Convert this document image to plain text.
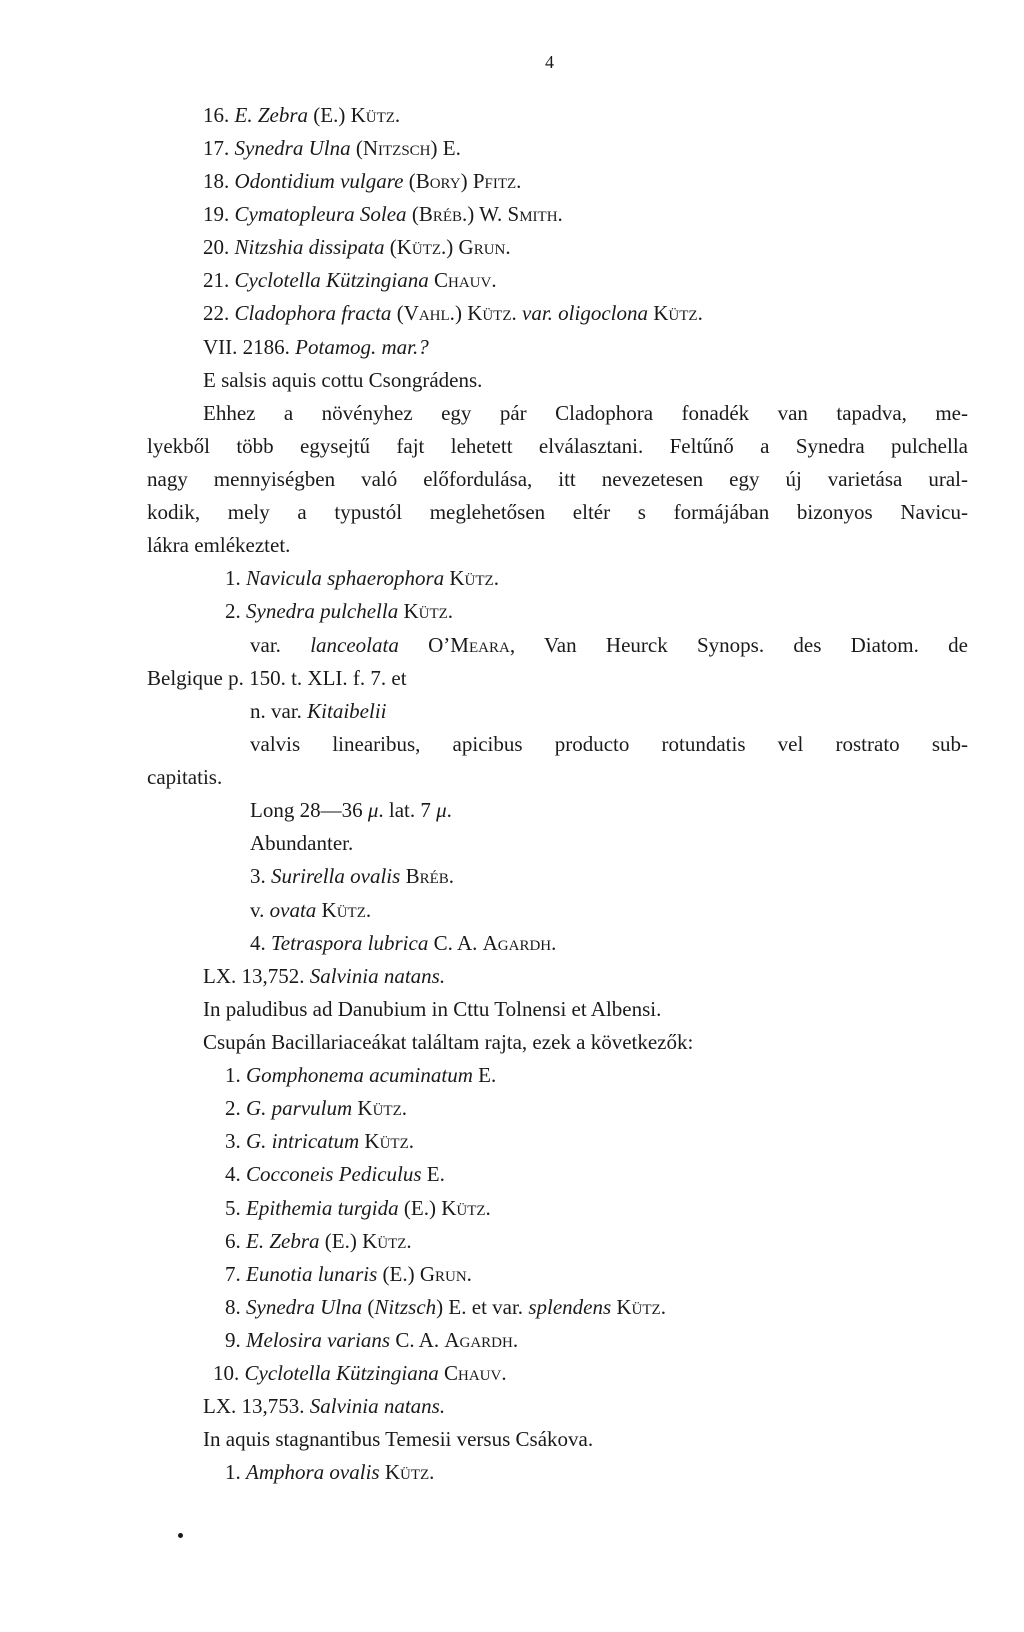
4
16. E. Zebra (E.) Kütz.
17. Synedra Ulna (Nitzsch) E.
18. Odontidium vulgare (Bory) Pfitz.
19. Cymatopleura Solea (Bréb.) W. Smith.
20. Nitzshia dissipata (Kütz.) Grun.
21. Cyclotella Kützingiana Chauv.
22. Cladophora fracta (Vahl.) Kütz. var. oligoclona Kütz.
VII. 2186. Potamog. mar.?
E salsis aquis cottu Csongrádens.
Ehhez a növényhez egy pár Cladophora fonadék van tapadva, me-
lyekből több egysejtű fajt lehetett elválasztani. Feltűnő a Synedra pulchella
nagy mennyiségben való előfordulása, itt nevezetesen egy új varietása ural-
kodik, mely a typustól meglehetősen eltér s formájában bizonyos Navicu-
lákra emlékeztet.
1. Navicula sphaerophora Kütz.
2. Synedra pulchella Kütz.
var. lanceolata O’Meara, Van Heurck Synops. des Diatom. de
Belgique p. 150. t. XLI. f. 7. et
n. var. Kitaibelii
valvis linearibus, apicibus producto rotundatis vel rostrato sub-
capitatis.
Long 28—36 μ. lat. 7 μ.
Abundanter.
3. Surirella ovalis Bréb.
v. ovata Kütz.
4. Tetraspora lubrica C. A. Agardh.
LX. 13,752. Salvinia natans.
In paludibus ad Danubium in Cttu Tolnensi et Albensi.
Csupán Bacillariaceákat találtam rajta, ezek a következők:
1. Gomphonema acuminatum E.
2. G. parvulum Kütz.
3. G. intricatum Kütz.
4. Cocconeis Pediculus E.
5. Epithemia turgida (E.) Kütz.
6. E. Zebra (E.) Kütz.
7. Eunotia lunaris (E.) Grun.
8. Synedra Ulna (Nitzsch) E. et var. splendens Kütz.
9. Melosira varians C. A. Agardh.
10. Cyclotella Kützingiana Chauv.
LX. 13,753. Salvinia natans.
In aquis stagnantibus Temesii versus Csákova.
1. Amphora ovalis Kütz.
